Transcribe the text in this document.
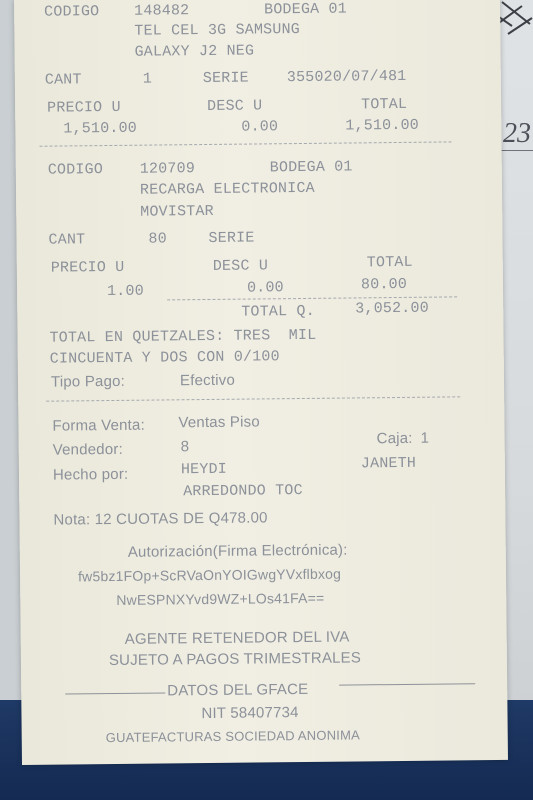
23
CODIGO 148482	BODEGA 01
TEL CEL 3G SAMSUNG
GALAXY J2 NEG
CANT	1	SERIE	355020/07/481
PRECIO U	DESC U	TOTAL
1,510.00	0.00	1,510.00
CODIGO 120709	BODEGA 01
RECARGA ELECTRONICA
MOVISTAR
CANT	80	SERIE
PRECIO U	DESC U	TOTAL
1.00	0.00	80.00
TOTAL Q.	3,052.00
TOTAL EN QUETZALES: TRES  MIL
CINCUENTA Y DOS CON 0/100
Tipo Pago:	Efectivo
Forma Venta: Ventas Piso
Vendedor:	8	Caja: 1
Hecho por:	HEYDI	JANETH
ARREDONDO TOC
Nota: 12 CUOTAS DE Q478.00
Autorización(Firma Electrónica):
fw5bz1FOp+ScRVaOnYOIGwgYVxflbxog
NwESPNXYvd9WZ+LOs41FA==
AGENTE RETENEDOR DEL IVA
SUJETO A PAGOS TRIMESTRALES
DATOS DEL GFACE
NIT 58407734
GUATEFACTURAS SOCIEDAD ANONIMA
